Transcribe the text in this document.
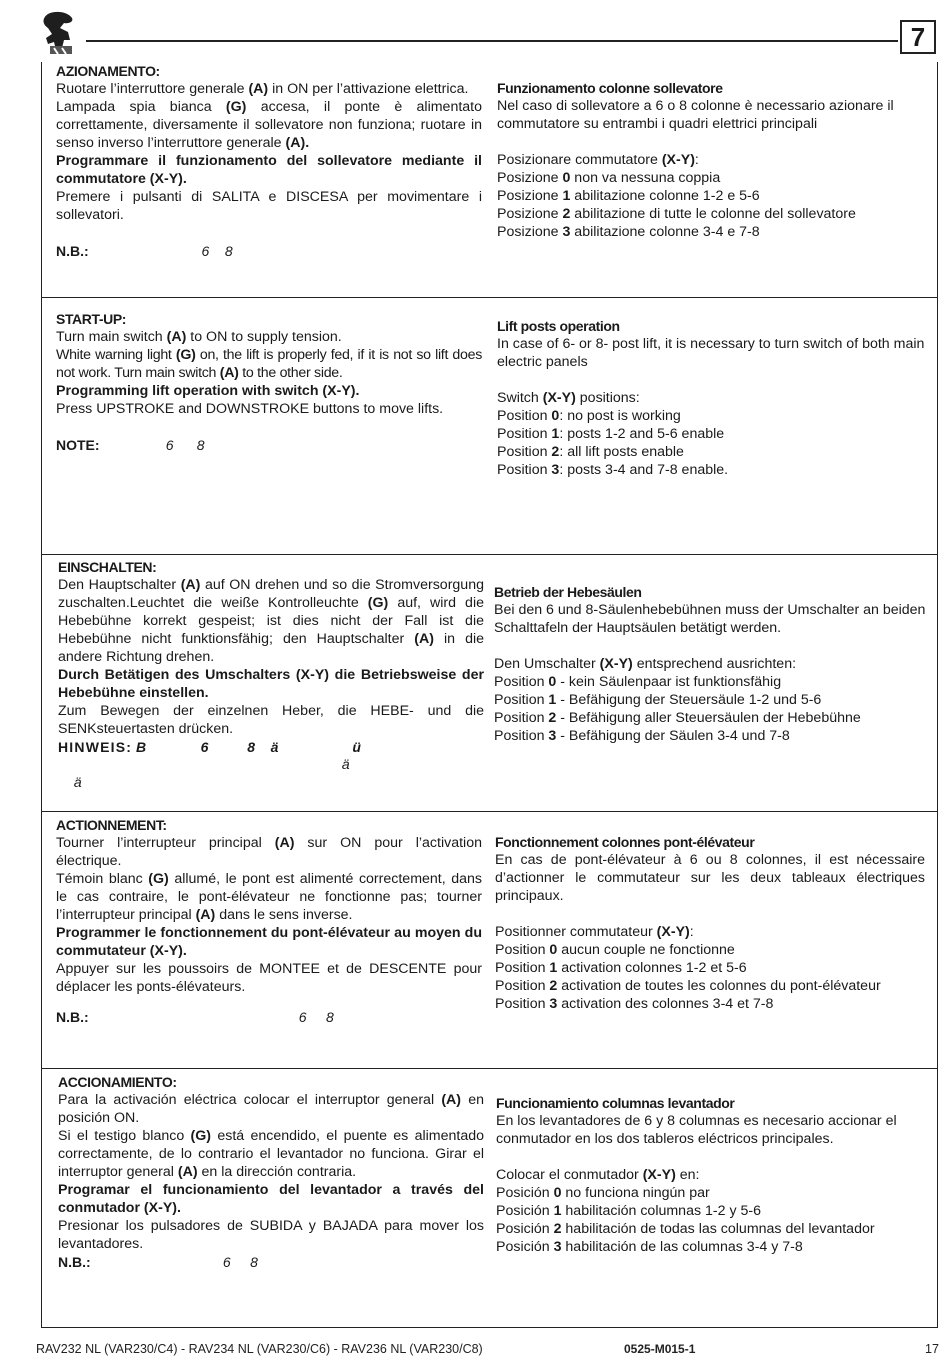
7
AZIONAMENTO:

Ruotare l’interruttore generale (A) in ON per l’attivazione elettrica.

Lampada spia bianca (G) accesa, il ponte è alimentato correttamente, diversamente il sollevatore non funziona; ruotare in senso inverso l’interruttore generale (A).

Programmare il funzionamento del sollevatore mediante il commutatore (X-Y).

Premere i pulsanti di SALITA e DISCESA per movimentare i sollevatori.

N.B.:	6    8
Funzionamento colonne sollevatore

Nel caso di sollevatore a 6 o 8 colonne è necessario azionare il commutatore su entrambi i quadri elettrici principali

Posizionare commutatore (X-Y):

Posizione 0 non va nessuna coppia
Posizione 1 abilitazione colonne 1-2 e 5-6
Posizione 2 abilitazione di tutte le colonne del sollevatore
Posizione 3 abilitazione colonne 3-4 e 7-8
START-UP:

Turn main switch (A) to ON to supply tension.

White warning light (G) on, the lift is properly fed, if it is not so lift does not work. Turn main switch (A) to the other side.

Programming lift operation with switch (X-Y).

Press UPSTROKE and DOWNSTROKE buttons to move lifts.

NOTE:	6      8
Lift posts operation

In case of 6- or 8- post lift, it is necessary to turn switch of both main electric panels

Switch (X-Y) positions:

Position 0: no post is working
Position 1: posts 1-2 and 5-6 enable
Position 2: all lift posts enable
Position 3: posts 3-4 and 7-8 enable.
EINSCHALTEN:

Den Hauptschalter (A) auf ON drehen und so die Stromversorgung zuschalten.Leuchtet die weiße Kontrolleuchte (G) auf, wird die Hebebühne korrekt gespeist; ist dies nicht der Fall ist die Hebebühne nicht funktionsfähig; den Hauptschalter (A) in die andere Richtung drehen.

Durch Betätigen des Umschalters (X-Y) die Betriebsweise der Hebebühne einstellen.

Zum Bewegen der einzelnen Heber, die HEBE- und die SENKsteuertasten drücken.

HINWEIS: B              6          8    ä                   ü
ä
ä
Betrieb der Hebesäulen

Bei den 6 und 8-Säulenhebebühnen muss der Umschalter an beiden Schalttafeln der Hauptsäulen betätigt werden.

Den Umschalter (X-Y) entsprechend ausrichten:

Position 0 - kein Säulenpaar ist funktionsfähig
Position 1 - Befähigung der Steuersäule 1-2 und 5-6
Position 2 - Befähigung aller Steuersäulen der Hebebühne
Position 3 - Befähigung der Säulen 3-4 und 7-8
ACTIONNEMENT:

Tourner l’interrupteur principal (A) sur ON pour l’activation électrique.

Témoin blanc (G) allumé, le pont est alimenté correctement, dans le cas contraire, le pont-élévateur ne fonctionne pas; tourner l’interrupteur principal (A) dans le sens inverse.

Programmer le fonctionnement du pont-élévateur au moyen du commutateur (X-Y).

Appuyer sur les poussoirs de MONTEE et de DESCENTE pour déplacer les ponts-élévateurs.

N.B.:	6     8
Fonctionnement colonnes pont-élévateur

En cas de pont-élévateur à 6 ou 8 colonnes, il est nécessaire d’actionner le commutateur sur les deux tableaux électriques principaux.

Positionner commutateur (X-Y):

Position 0 aucun couple ne fonctionne
Position 1 activation colonnes 1-2 et 5-6
Position 2 activation de toutes les colonnes du pont-élévateur
Position 3 activation des colonnes 3-4 et 7-8
ACCIONAMIENTO:

Para la activación eléctrica colocar el interruptor general (A) en posición ON.

Si el testigo blanco (G) está encendido, el puente es alimentado correctamente, de lo contrario el levantador no funciona. Girar el interruptor general (A) en la dirección contraria.

Programar el funcionamiento del levantador a través del conmutador (X-Y).

Presionar los pulsadores de SUBIDA y BAJADA para mover los levantadores.

N.B.:	6     8
Funcionamiento columnas levantador

En los levantadores de 6 y 8 columnas es necesario accionar el conmutador en los dos tableros eléctricos principales.

Colocar el conmutador (X-Y) en:

Posición 0 no funciona ningún par
Posición 1 habilitación columnas 1-2 y 5-6
Posición 2 habilitación de todas las columnas del levantador
Posición 3 habilitación de las columnas 3-4 y 7-8
RAV232 NL (VAR230/C4) - RAV234 NL (VAR230/C6) - RAV236 NL (VAR230/C8)	0525-M015-1	17
